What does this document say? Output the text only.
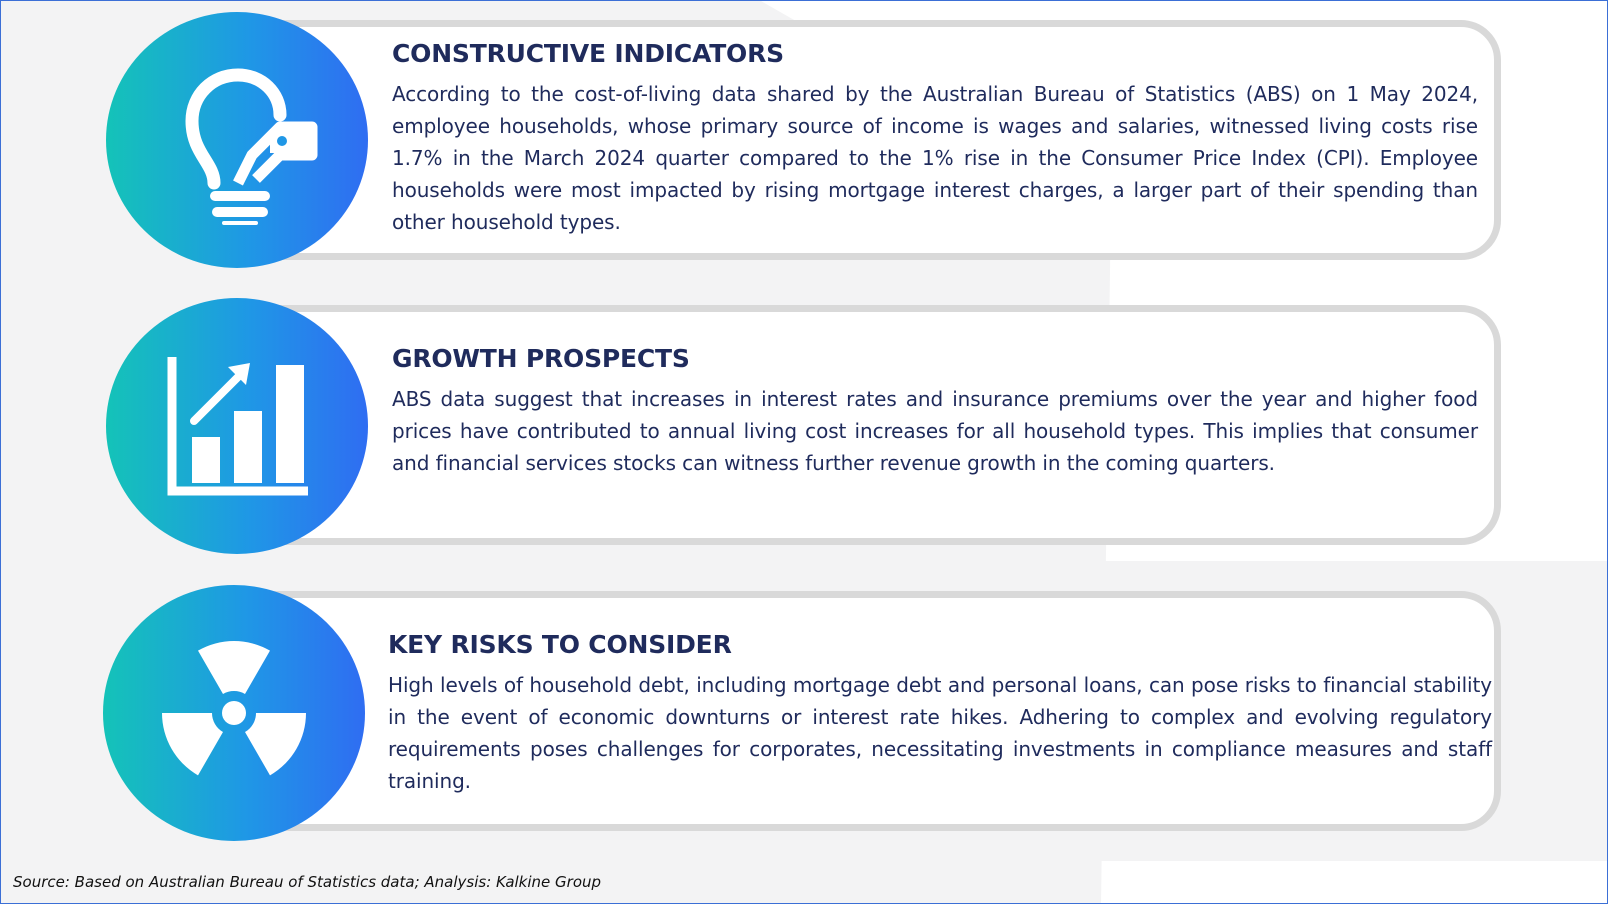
CONSTRUCTIVE INDICATORS

According to the cost-of-living data shared by the Australian Bureau of Statistics (ABS) on 1 May 2024, employee households, whose primary source of income is wages and salaries, witnessed living costs rise 1.7% in the March 2024 quarter compared to the 1% rise in the Consumer Price Index (CPI). Employee households were most impacted by rising mortgage interest charges, a larger part of their spending than other household types.

GROWTH PROSPECTS

ABS data suggest that increases in interest rates and insurance premiums over the year and higher food prices have contributed to annual living cost increases for all household types. This implies that consumer and financial services stocks can witness further revenue growth in the coming quarters.

KEY RISKS TO CONSIDER

High levels of household debt, including mortgage debt and personal loans, can pose risks to financial stability in the event of economic downturns or interest rate hikes. Adhering to complex and evolving regulatory requirements poses challenges for corporates, necessitating investments in compliance measures and staff training.

Source: Based on Australian Bureau of Statistics data; Analysis: Kalkine Group
